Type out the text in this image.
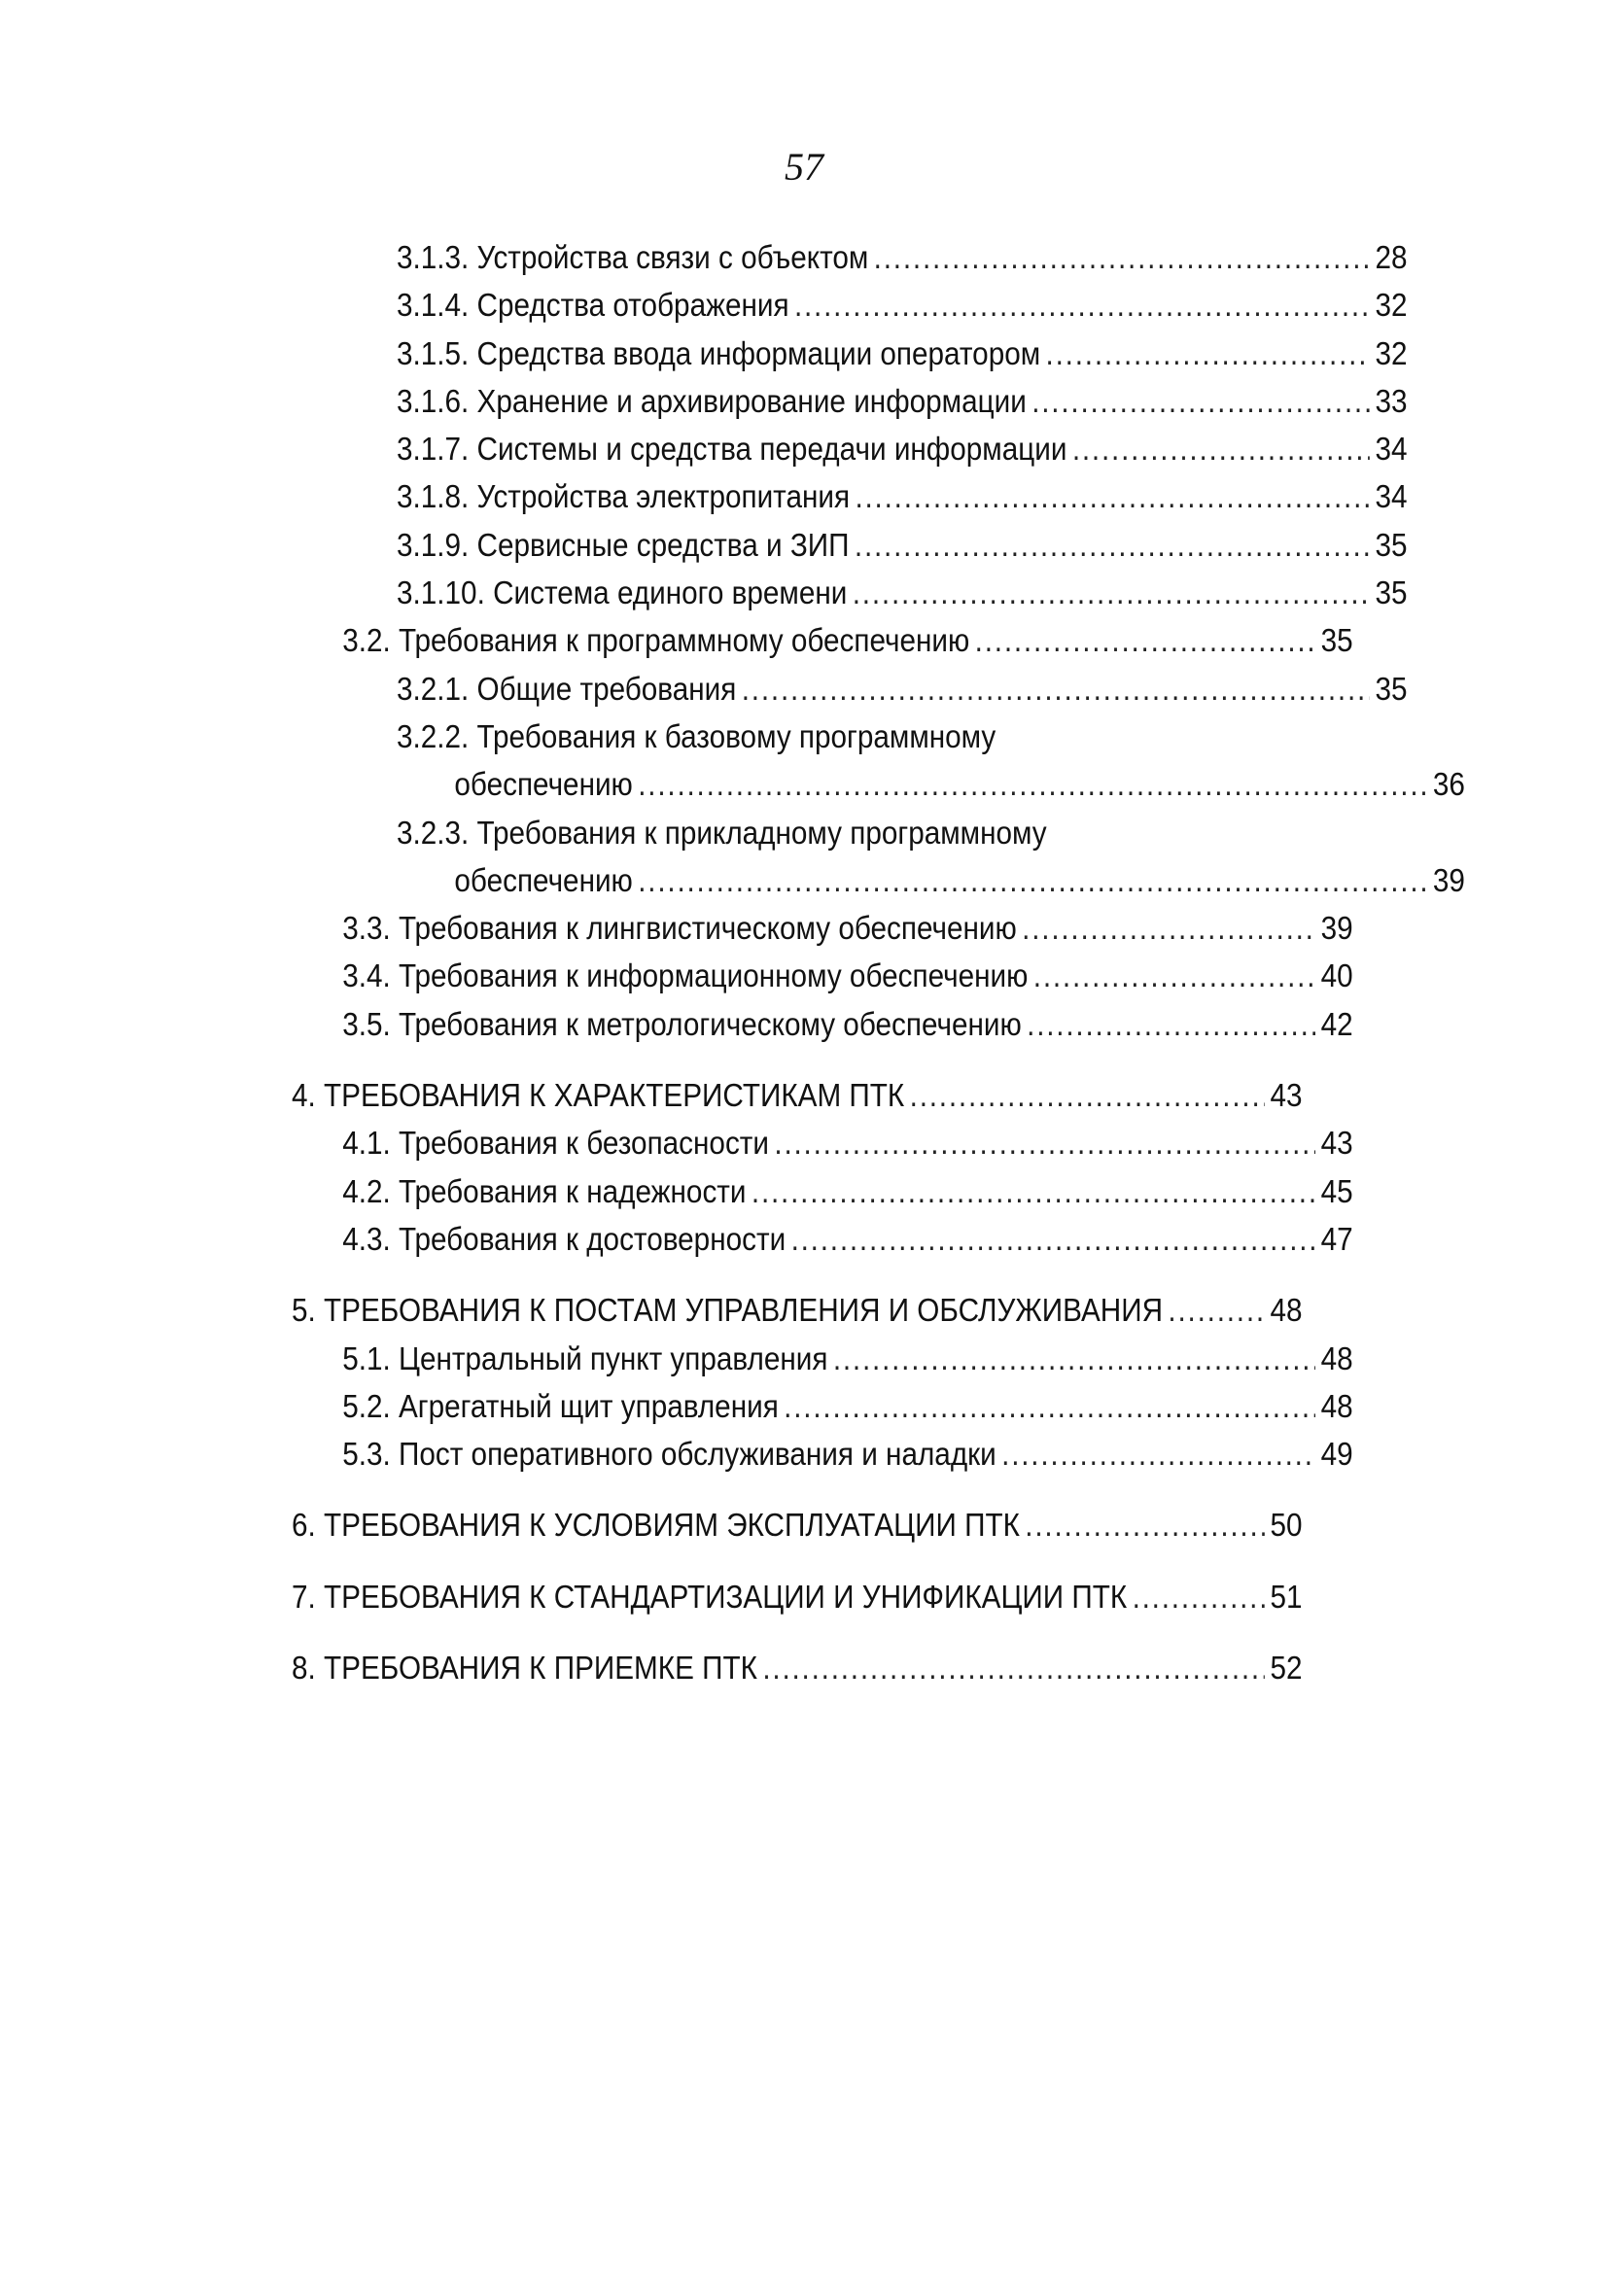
57
3.1.3. Устройства связи с объектом .....	28
3.1.4. Средства отображения .....	32
3.1.5. Средства ввода информации оператором .....	32
3.1.6. Хранение и архивирование информации .....	33
3.1.7. Системы и средства передачи информации .....	34
3.1.8. Устройства электропитания .....	34
3.1.9. Сервисные средства и ЗИП .....	35
3.1.10. Система единого времени .....	35
3.2. Требования к программному обеспечению .....	35
3.2.1. Общие требования .....	35
3.2.2. Требования к базовому программному
обеспечению .....	36
3.2.3. Требования к прикладному программному
обеспечению .....	39
3.3. Требования к лингвистическому обеспечению .....	39
3.4. Требования к информационному обеспечению .....	40
3.5. Требования к метрологическому обеспечению .....	42
4. ТРЕБОВАНИЯ К ХАРАКТЕРИСТИКАМ ПТК .....	43
4.1. Требования к безопасности .....	43
4.2. Требования к надежности .....	45
4.3. Требования к достоверности .....	47
5. ТРЕБОВАНИЯ К ПОСТАМ УПРАВЛЕНИЯ И ОБСЛУЖИВАНИЯ .....	48
5.1. Центральный пункт управления .....	48
5.2. Агрегатный щит управления .....	48
5.3. Пост оперативного обслуживания и наладки .....	49
6. ТРЕБОВАНИЯ К УСЛОВИЯМ ЭКСПЛУАТАЦИИ ПТК .....	50
7. ТРЕБОВАНИЯ К СТАНДАРТИЗАЦИИ И УНИФИКАЦИИ ПТК .....	51
8. ТРЕБОВАНИЯ К ПРИЕМКЕ ПТК .....	52
